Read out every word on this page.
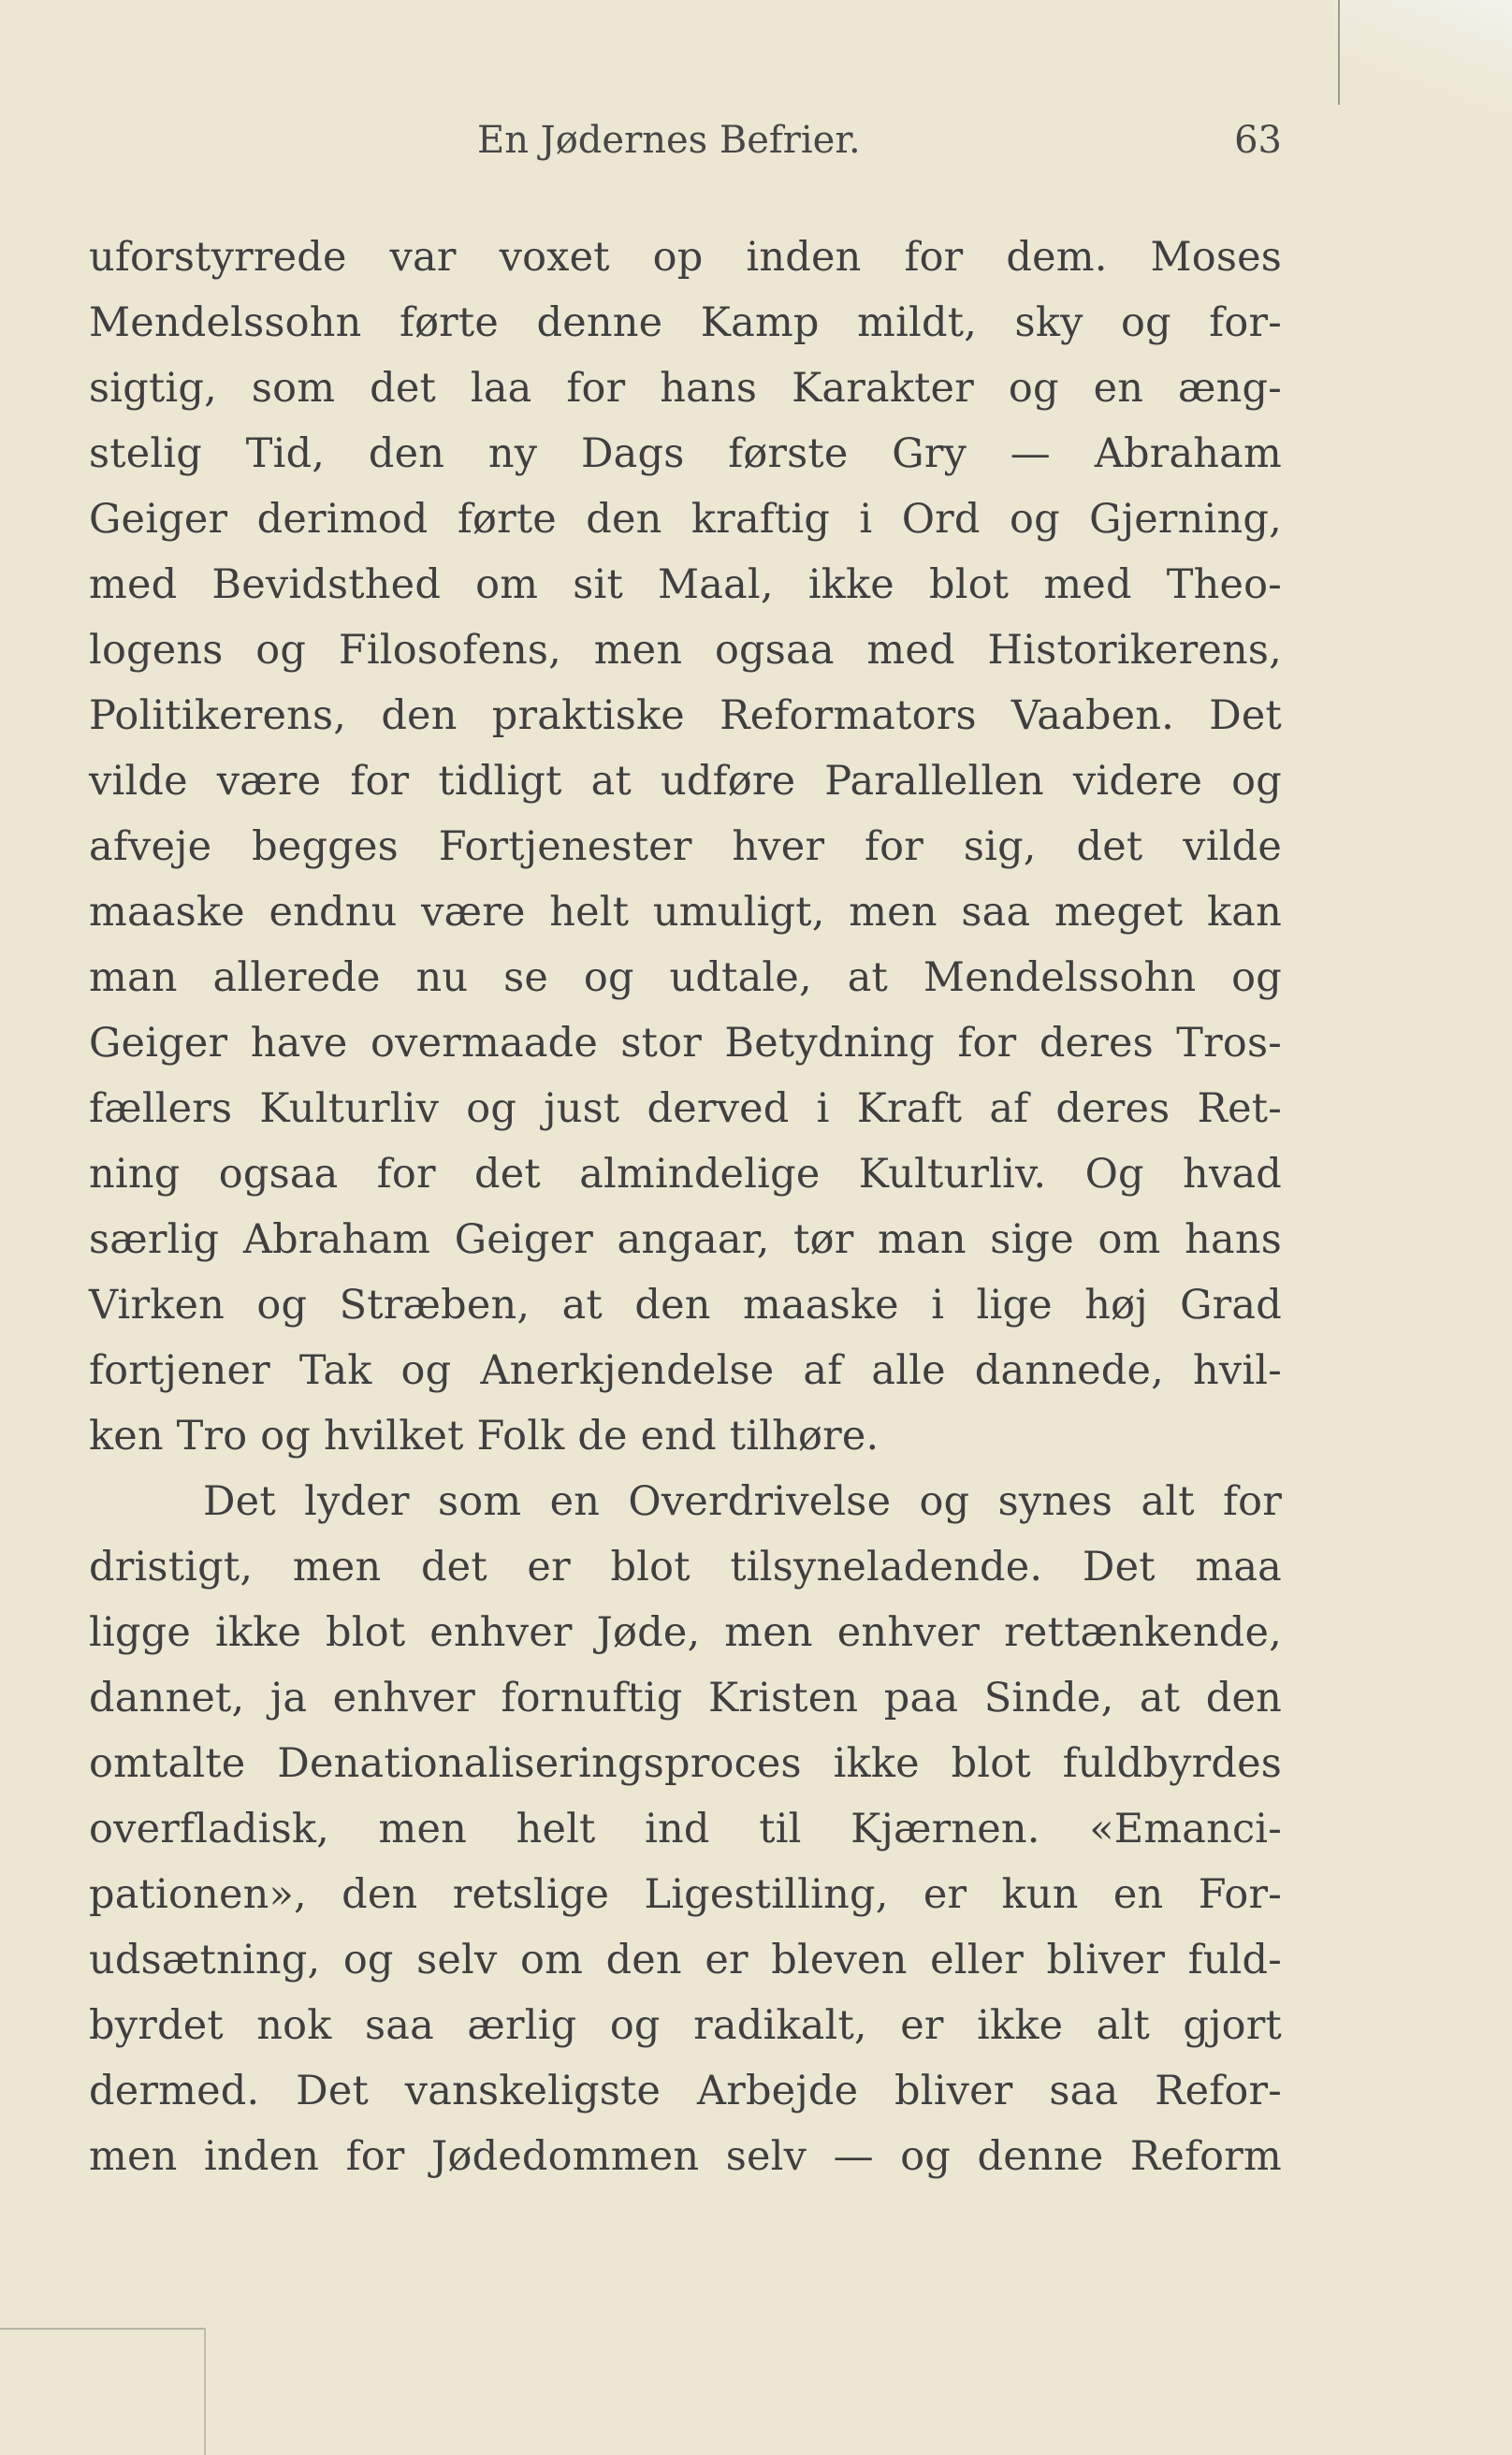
En Jødernes Befrier.	63
uforstyrrede var voxet op inden for dem. Moses
Mendelssohn førte denne Kamp mildt, sky og for-
sigtig, som det laa for hans Karakter og en æng-
stelig Tid, den ny Dags første Gry — Abraham
Geiger derimod førte den kraftig i Ord og Gjerning,
med Bevidsthed om sit Maal, ikke blot med Theo-
logens og Filosofens, men ogsaa med Historikerens,
Politikerens, den praktiske Reformators Vaaben. Det
vilde være for tidligt at udføre Parallellen videre og
afveje begges Fortjenester hver for sig, det vilde
maaske endnu være helt umuligt, men saa meget kan
man allerede nu se og udtale, at Mendelssohn og
Geiger have overmaade stor Betydning for deres Tros-
fællers Kulturliv og just derved i Kraft af deres Ret-
ning ogsaa for det almindelige Kulturliv. Og hvad
særlig Abraham Geiger angaar, tør man sige om hans
Virken og Stræben, at den maaske i lige høj Grad
fortjener Tak og Anerkjendelse af alle dannede, hvil-
ken Tro og hvilket Folk de end tilhøre.
Det lyder som en Overdrivelse og synes alt for
dristigt, men det er blot tilsyneladende. Det maa
ligge ikke blot enhver Jøde, men enhver rettænkende,
dannet, ja enhver fornuftig Kristen paa Sinde, at den
omtalte Denationaliseringsproces ikke blot fuldbyrdes
overfladisk, men helt ind til Kjærnen. «Emanci-
pationen», den retslige Ligestilling, er kun en For-
udsætning, og selv om den er bleven eller bliver fuld-
byrdet nok saa ærlig og radikalt, er ikke alt gjort
dermed. Det vanskeligste Arbejde bliver saa Refor-
men inden for Jødedommen selv — og denne Reform
